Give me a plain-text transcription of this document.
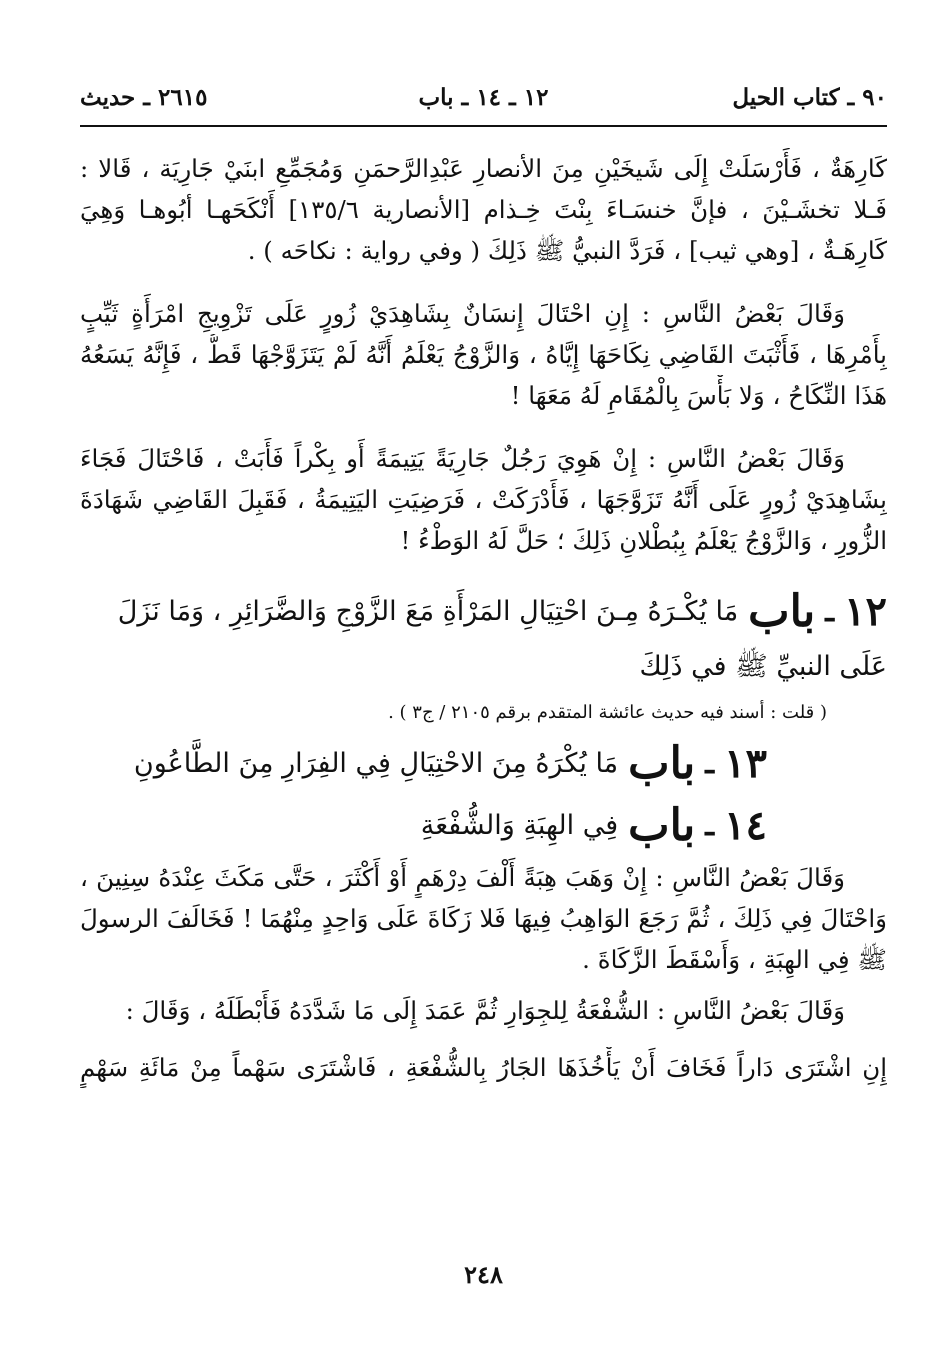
٩٠ ـ كتاب الحيل
١٢ ـ ١٤ ـ باب
٢٦١٥ ـ حديث
كَارِهَةٌ ، فَأَرْسَلَتْ إِلَى شَيخَيْنِ مِنَ الأنصارِ عَبْدِالرَّحمَنِ وَمُجَمِّعِ ابنَيْ جَارِيَة ، قَالا :
فَـلا تخشَـيْنَ ، فإنَّ خنسَـاءَ بِنْتَ خِـذام [الأنصارية ١٣٥/٦] أَنْكَحَهـا أبُوهـا وَهِيَ
كَارِهَـةٌ ، [وهي ثيب] ، فَرَدَّ النبيُّ ﷺ ذَلِكَ ( وفي رواية : نكاحَه ) .
وَقَالَ بَعْضُ النَّاسِ : إِنِ احْتَالَ إِنسَانٌ بِشَاهِدَيْ زُورٍ عَلَى تَزْوِيجِ امْرَأَةٍ ثَيِّبٍ
بِأَمْرِهَا ، فَأَثْبَتَ القَاضِي نِكَاحَهَا إِيَّاهُ ، وَالزَّوْجُ يَعْلَمُ أَنَّهُ لَمْ يَتَزَوَّجْهَا قَطُّ ، فَإِنَّهُ يَسَعُهُ
هَذَا النِّكَاحُ ، وَلا بَأْسَ بِالْمُقَامِ لَهُ مَعَهَا !
وَقَالَ بَعْضُ النَّاسِ : إِنْ هَوِيَ رَجُلٌ جَارِيَةً يَتِيمَةً أَو بِكْراً فَأَبَتْ ، فَاحْتَالَ فَجَاءَ
بِشَاهِدَيْ زُورٍ عَلَى أَنَّهُ تَزَوَّجَهَا ، فَأَدْرَكَتْ ، فَرَضِيَتِ اليَتِيمَةُ ، فَقَبِلَ القَاضِي شَهَادَةَ
الزُّورِ ، وَالزَّوْجُ يَعْلَمُ بِبُطْلانِ ذَلِكَ ؛ حَلَّ لَهُ الوَطْءُ !
١٢
ـ
باب
مَا يُكْـرَهُ مِـنَ احْتِيَالِ المَرْأَةِ مَعَ الزَّوْجِ وَالضَّرَائِرِ ، وَمَا نَزَلَ
عَلَى النبيِّ ﷺ في ذَلِكَ
( قلت : أسند فيه حديث عائشة المتقدم برقم ٢١٠٥ / ج٣ ) .
١٣
ـ
باب
مَا يُكْرَهُ مِنَ الاحْتِيَالِ فِي الفِرَارِ مِنَ الطَّاعُونِ
١٤
ـ
باب
فِي الهِبَةِ وَالشُّفْعَةِ
وَقَالَ بَعْضُ النَّاسِ : إِنْ وَهَبَ هِبَةً أَلْفَ دِرْهَمٍ أَوْ أَكْثَرَ ، حَتَّى مَكَثَ عِنْدَهُ سِنِينَ ،
وَاحْتَالَ فِي ذَلِكَ ، ثُمَّ رَجَعَ الوَاهِبُ فِيهَا فَلا زَكَاةَ عَلَى وَاحِدٍ مِنْهُمَا ! فَخَالَفَ الرسولَ
ﷺ فِي الهِبَةِ ، وَأَسْقَطَ الزَّكَاةَ .
وَقَالَ بَعْضُ النَّاسِ : الشُّفْعَةُ لِلجِوَارِ ثُمَّ عَمَدَ إِلَى مَا شَدَّدَهُ فَأَبْطَلَهُ ، وَقَالَ :
إِنِ اشْتَرَى دَاراً فَخَافَ أَنْ يَأْخُذَهَا الجَارُ بِالشُّفْعَةِ ، فَاشْتَرَى سَهْماً مِنْ مَائَةِ سَهْمٍ
٢٤٨
